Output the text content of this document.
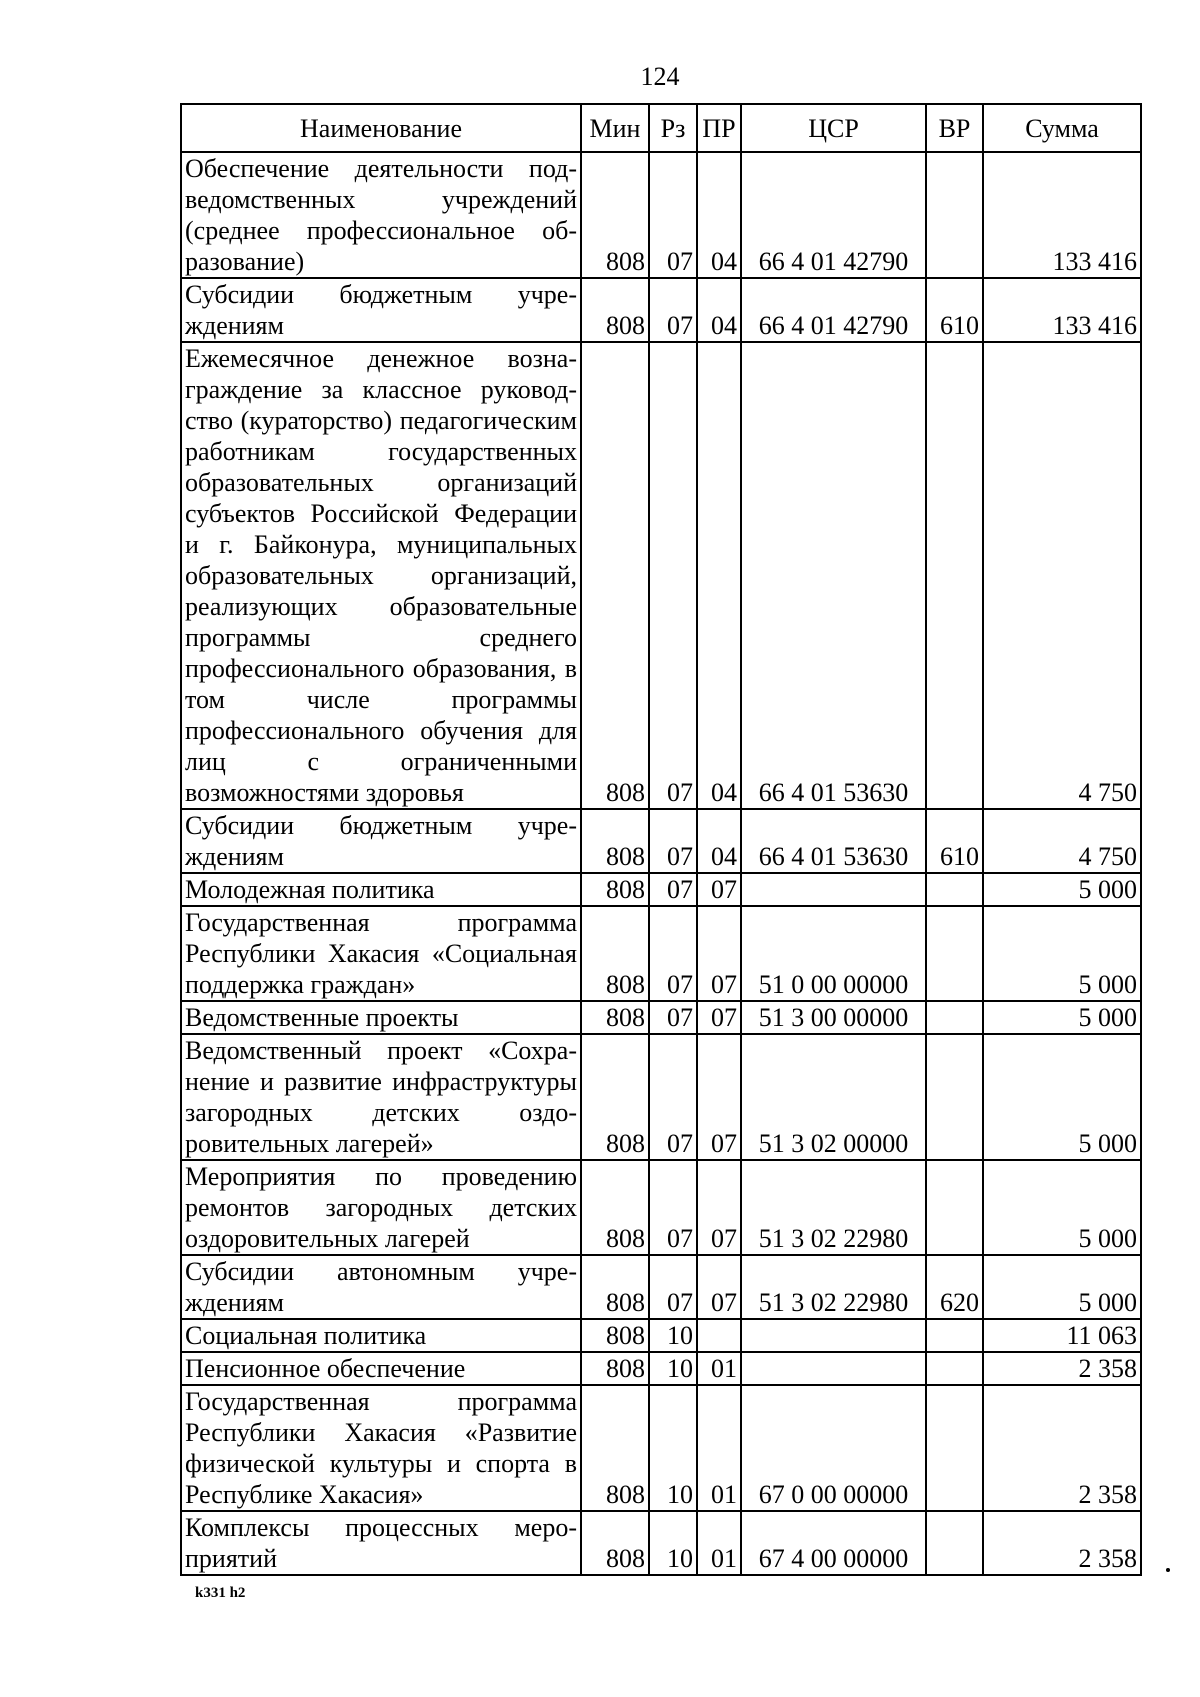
124
Наименование	Мин	Рз	ПР	ЦСР	ВР	Сумма
Обеспечение деятельности подведомственных учреждений (среднее профессиональное образование)	808	07	04	66 4 01 42790		133 416
Субсидии бюджетным учреждениям	808	07	04	66 4 01 42790	610	133 416
Ежемесячное денежное вознаграждение за классное руководство (кураторство) педагогическим работникам государственных образовательных организаций субъектов Российской Федерации и г. Байконура, муниципальных образовательных организаций, реализующих образовательные программы среднего профессионального образования, в том числе программы профессионального обучения для лиц с ограниченными возможностями здоровья	808	07	04	66 4 01 53630		4 750
Субсидии бюджетным учреждениям	808	07	04	66 4 01 53630	610	4 750
Молодежная политика	808	07	07			5 000
Государственная программа Республики Хакасия «Социальная поддержка граждан»	808	07	07	51 0 00 00000		5 000
Ведомственные проекты	808	07	07	51 3 00 00000		5 000
Ведомственный проект «Сохранение и развитие инфраструктуры загородных детских оздоровительных лагерей»	808	07	07	51 3 02 00000		5 000
Мероприятия по проведению ремонтов загородных детских оздоровительных лагерей	808	07	07	51 3 02 22980		5 000
Субсидии автономным учреждениям	808	07	07	51 3 02 22980	620	5 000
Социальная политика	808	10				11 063
Пенсионное обеспечение	808	10	01			2 358
Государственная программа Республики Хакасия «Развитие физической культуры и спорта в Республике Хакасия»	808	10	01	67 0 00 00000		2 358
Комплексы процессных мероприятий	808	10	01	67 4 00 00000		2 358
k331 h2
